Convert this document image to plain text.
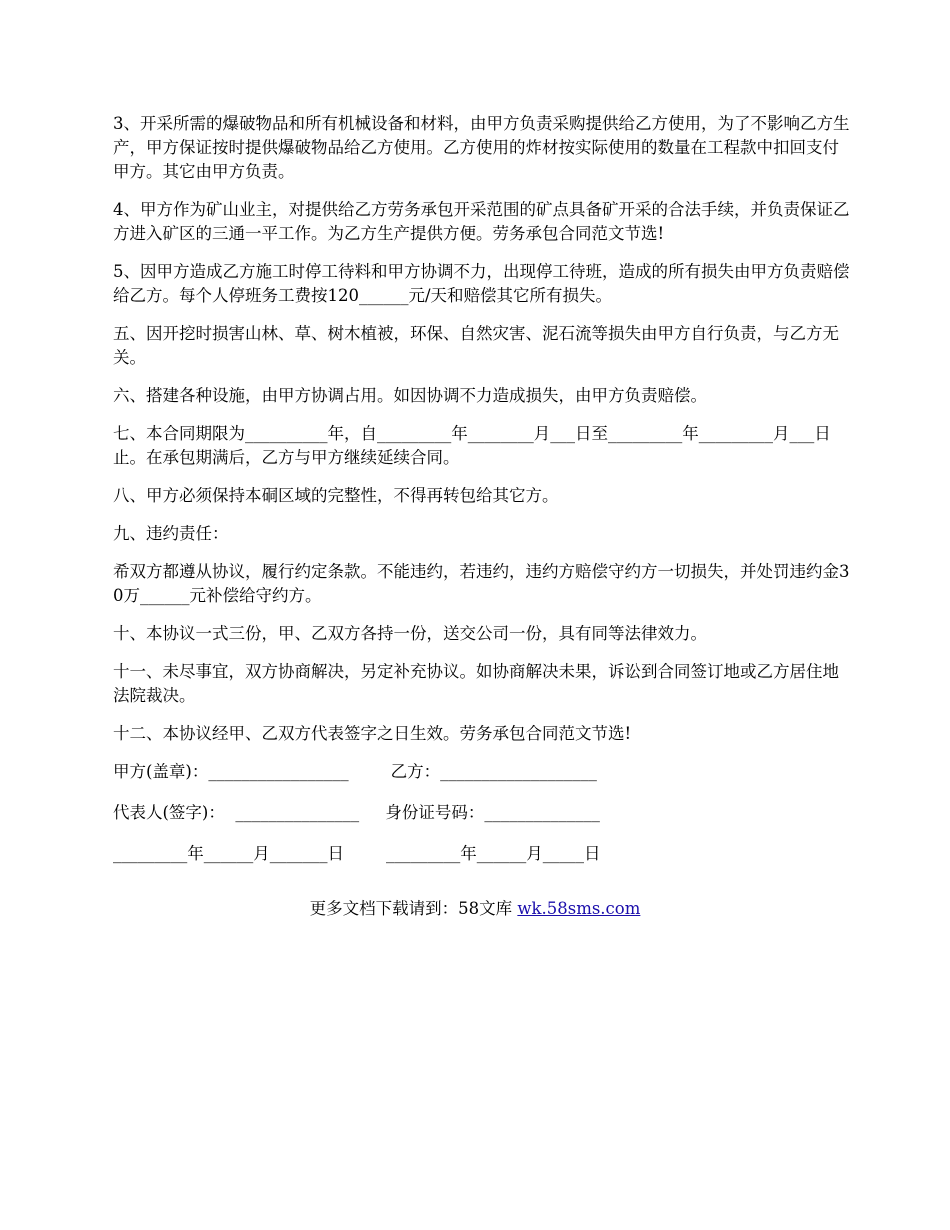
3、开采所需的爆破物品和所有机械设备和材料，由甲方负责采购提供给乙方使用，为了不影响乙方生产，甲方保证按时提供爆破物品给乙方使用。乙方使用的炸材按实际使用的数量在工程款中扣回支付甲方。其它由甲方负责。

4、甲方作为矿山业主，对提供给乙方劳务承包开采范围的矿点具备矿开采的合法手续，并负责保证乙方进入矿区的三通一平工作。为乙方生产提供方便。劳务承包合同范文节选!

5、因甲方造成乙方施工时停工待料和甲方协调不力，出现停工待班，造成的所有损失由甲方负责赔偿给乙方。每个人停班务工费按120______元/天和赔偿其它所有损失。

五、因开挖时损害山林、草、树木植被，环保、自然灾害、泥石流等损失由甲方自行负责，与乙方无关。

六、搭建各种设施，由甲方协调占用。如因协调不力造成损失，由甲方负责赔偿。

七、本合同期限为__________年，自_________年________月___日至_________年_________月___日止。在承包期满后，乙方与甲方继续延续合同。

八、甲方必须保持本硐区域的完整性，不得再转包给其它方。

九、违约责任：

希双方都遵从协议，履行约定条款。不能违约，若违约，违约方赔偿守约方一切损失，并处罚违约金30万______元补偿给守约方。

十、本协议一式三份，甲、乙双方各持一份，送交公司一份，具有同等法律效力。

十一、未尽事宜，双方协商解决，另定补充协议。如协商解决未果，诉讼到合同签订地或乙方居住地法院裁决。

十二、本协议经甲、乙双方代表签字之日生效。劳务承包合同范文节选!

甲方(盖章)：_________________        乙方：___________________
代表人(签字)：  _______________     身份证号码：______________
_________年______月_______日        _________年______月_____日
更多文档下载请到：58文库 wk.58sms.com
